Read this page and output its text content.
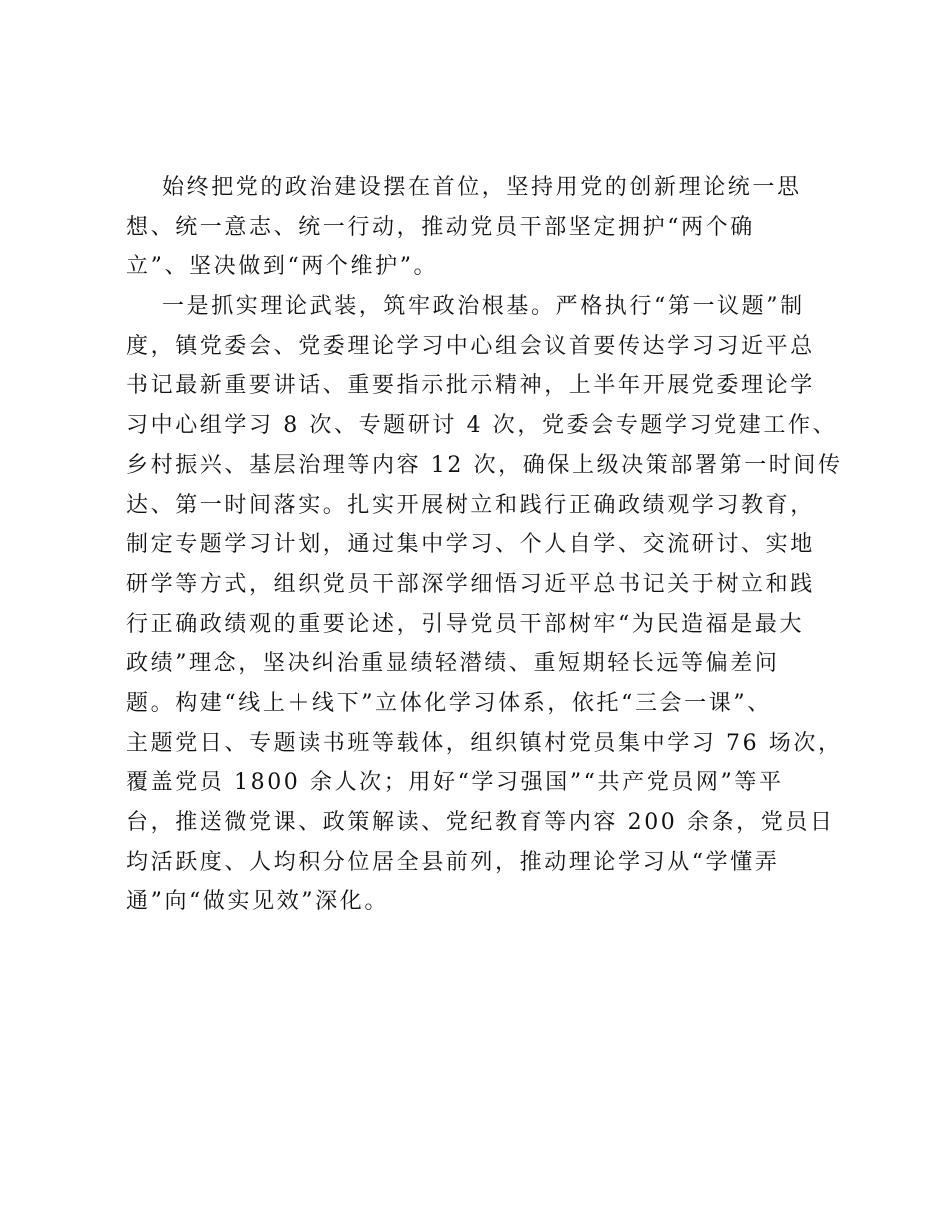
始终把党的政治建设摆在首位，坚持用党的创新理论统一思
想、统一意志、统一行动，推动党员干部坚定拥护“两个确
立”、坚决做到“两个维护”。
一是抓实理论武装，筑牢政治根基。严格执行“第一议题”制
度，镇党委会、党委理论学习中心组会议首要传达学习习近平总
书记最新重要讲话、重要指示批示精神，上半年开展党委理论学
习中心组学习 8 次、专题研讨 4 次，党委会专题学习党建工作、
乡村振兴、基层治理等内容 12 次，确保上级决策部署第一时间传
达、第一时间落实。扎实开展树立和践行正确政绩观学习教育，
制定专题学习计划，通过集中学习、个人自学、交流研讨、实地
研学等方式，组织党员干部深学细悟习近平总书记关于树立和践
行正确政绩观的重要论述，引导党员干部树牢“为民造福是最大
政绩”理念，坚决纠治重显绩轻潜绩、重短期轻长远等偏差问
题。构建“线上＋线下”立体化学习体系，依托“三会一课”、
主题党日、专题读书班等载体，组织镇村党员集中学习 76 场次，
覆盖党员 1800 余人次；用好“学习强国”“共产党员网”等平
台，推送微党课、政策解读、党纪教育等内容 200 余条，党员日
均活跃度、人均积分位居全县前列，推动理论学习从“学懂弄
通”向“做实见效”深化。
